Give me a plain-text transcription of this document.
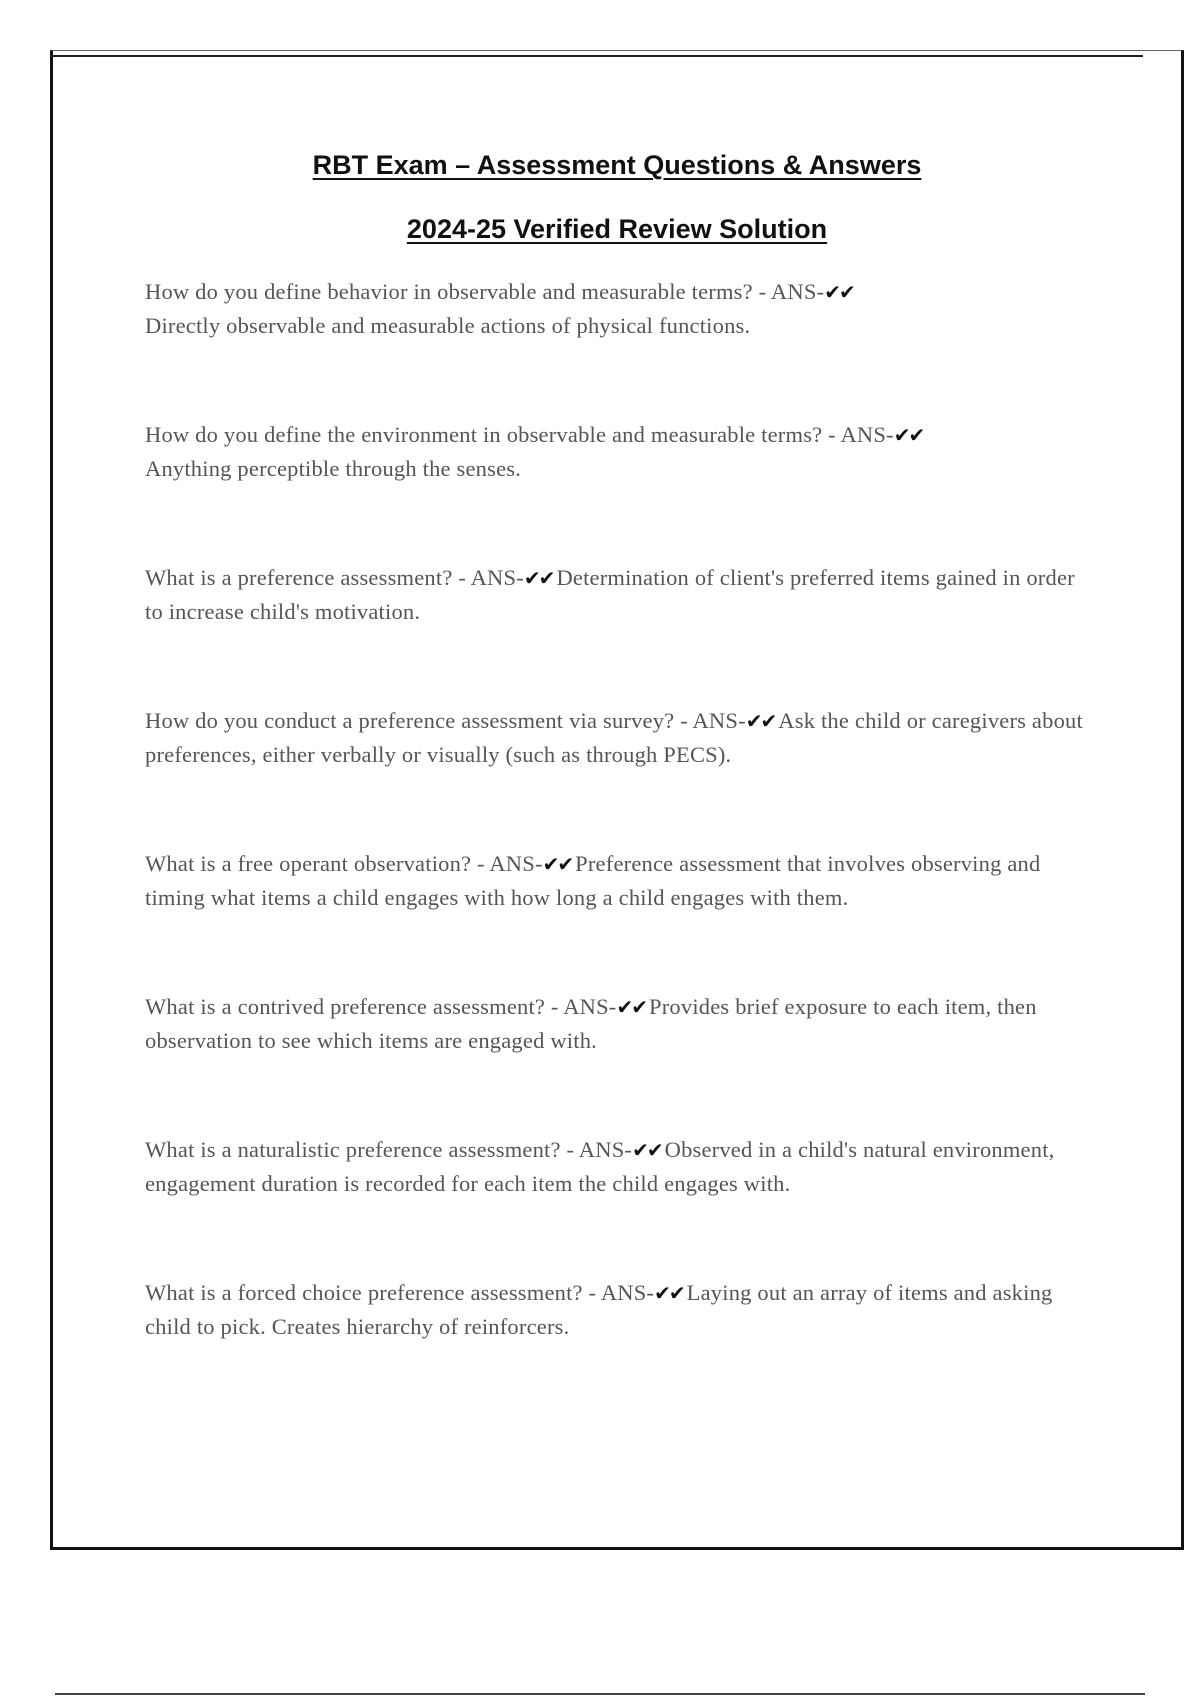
RBT Exam – Assessment Questions & Answers
2024-25 Verified Review Solution

How do you define behavior in observable and measurable terms? - ANS-✔✔
Directly observable and measurable actions of physical functions.

How do you define the environment in observable and measurable terms? - ANS-✔✔
Anything perceptible through the senses.

What is a preference assessment? - ANS-✔✔ Determination of client's preferred items gained in order to increase child's motivation.

How do you conduct a preference assessment via survey? - ANS-✔✔ Ask the child or caregivers about preferences, either verbally or visually (such as through PECS).

What is a free operant observation? - ANS-✔✔ Preference assessment that involves observing and timing what items a child engages with how long a child engages with them.

What is a contrived preference assessment? - ANS-✔✔ Provides brief exposure to each item, then observation to see which items are engaged with.

What is a naturalistic preference assessment? - ANS-✔✔ Observed in a child's natural environment, engagement duration is recorded for each item the child engages with.

What is a forced choice preference assessment? - ANS-✔✔ Laying out an array of items and asking child to pick. Creates hierarchy of reinforcers.
